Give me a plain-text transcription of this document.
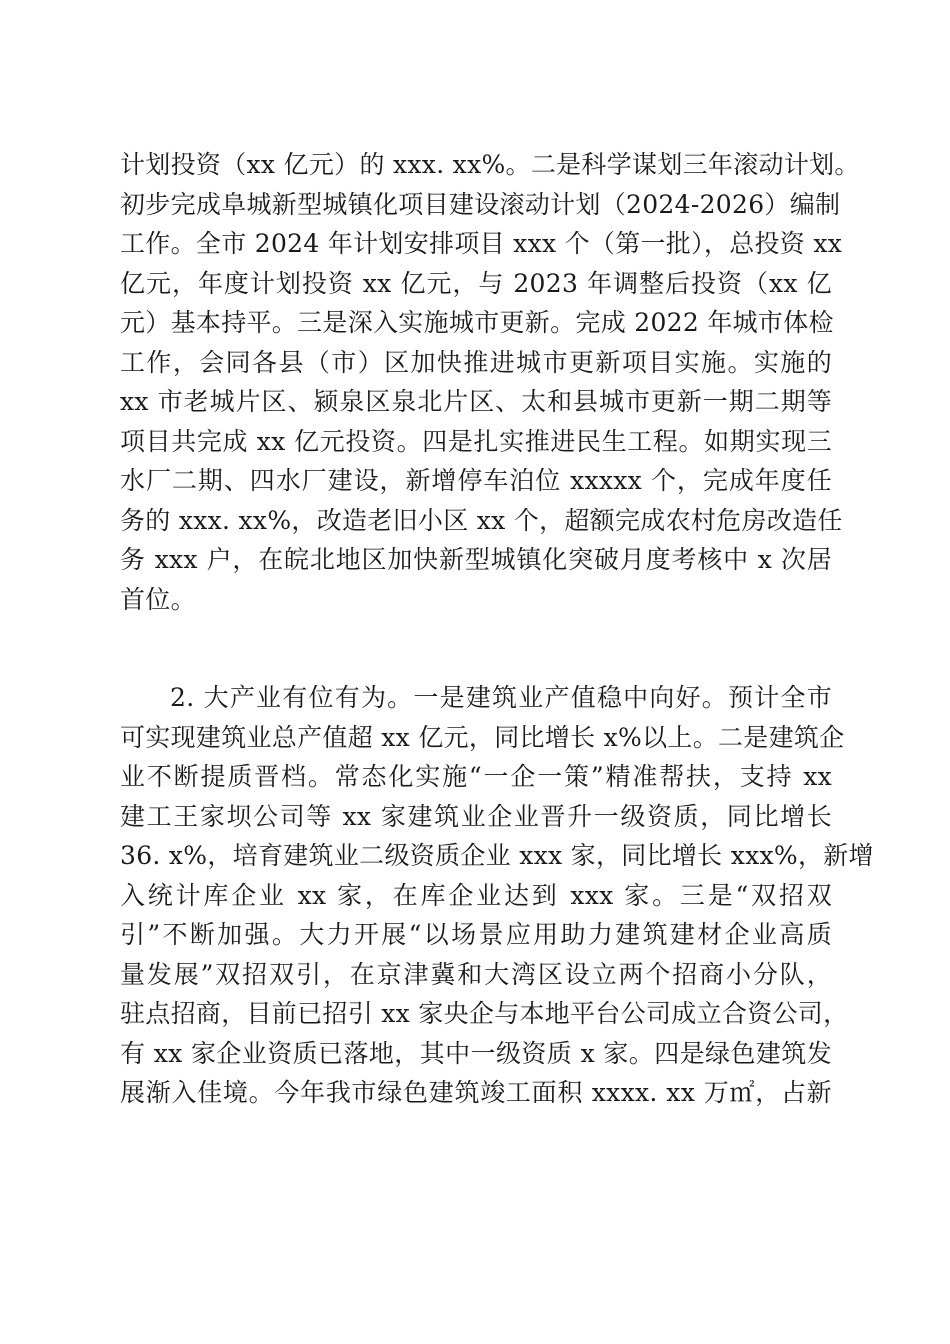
计划投资（xx 亿元）的 xxx. xx%。二是科学谋划三年滚动计划。
初步完成阜城新型城镇化项目建设滚动计划（2024-2026）编制
工作。全市 2024 年计划安排项目 xxx 个（第一批），总投资 xx
亿元，年度计划投资 xx 亿元，与 2023 年调整后投资（xx 亿
元）基本持平。三是深入实施城市更新。完成 2022 年城市体检
工作，会同各县（市）区加快推进城市更新项目实施。实施的
xx 市老城片区、颍泉区泉北片区、太和县城市更新一期二期等
项目共完成 xx 亿元投资。四是扎实推进民生工程。如期实现三
水厂二期、四水厂建设，新增停车泊位 xxxxx 个，完成年度任
务的 xxx. xx%，改造老旧小区 xx 个，超额完成农村危房改造任
务 xxx 户，在皖北地区加快新型城镇化突破月度考核中 x 次居
首位。
2. 大产业有位有为。一是建筑业产值稳中向好。预计全市
可实现建筑业总产值超 xx 亿元，同比增长 x%以上。二是建筑企
业不断提质晋档。常态化实施“一企一策”精准帮扶，支持 xx
建工王家坝公司等 xx 家建筑业企业晋升一级资质，同比增长
36. x%，培育建筑业二级资质企业 xxx 家，同比增长 xxx%，新增
入统计库企业 xx 家，在库企业达到 xxx 家。三是“双招双
引”不断加强。大力开展“以场景应用助力建筑建材企业高质
量发展”双招双引，在京津冀和大湾区设立两个招商小分队，
驻点招商，目前已招引 xx 家央企与本地平台公司成立合资公司，
有 xx 家企业资质已落地，其中一级资质 x 家。四是绿色建筑发
展渐入佳境。今年我市绿色建筑竣工面积 xxxx. xx 万㎡，占新
